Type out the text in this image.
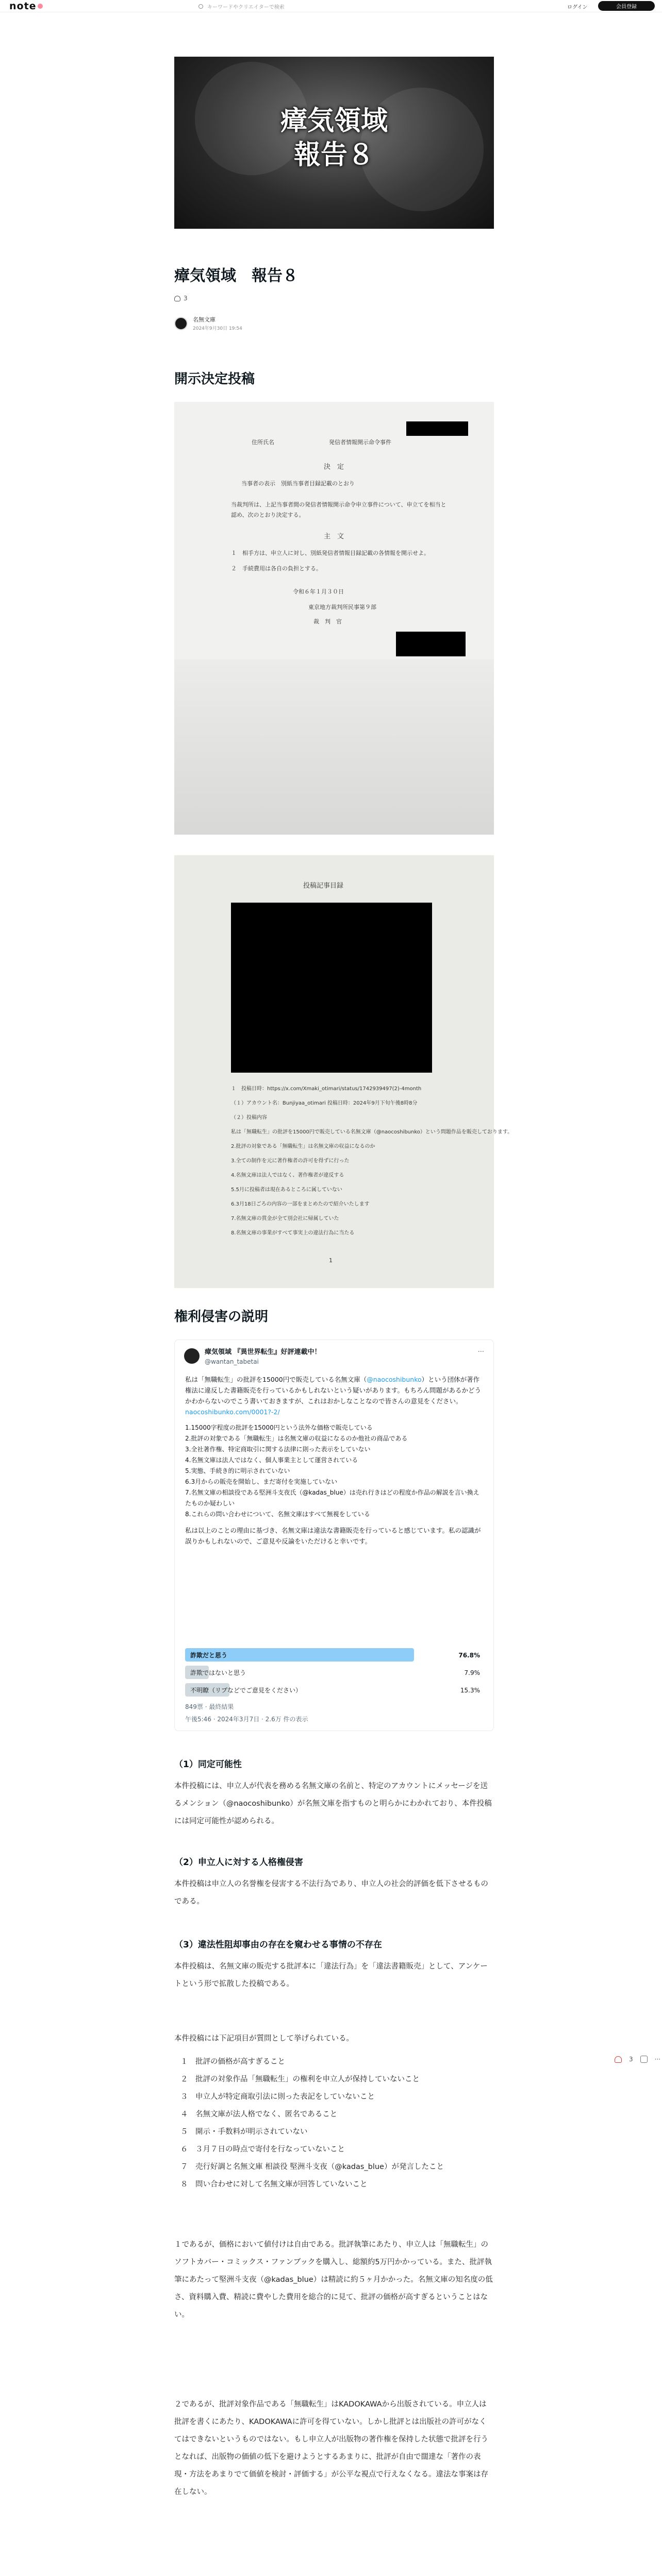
note	キーワードやクリエイターで検索	ログイン	会員登録
瘴気領域
報告８
瘴気領域　報告８
3
名無文庫
2024年9月30日 19:54
開示決定投稿
住所氏名	発信者情報開示命令事件
決　定
当事者の表示　別紙当事者目録記載のとおり
当裁判所は、上記当事者間の発信者情報開示命令申立事件について、申立てを相当と認め、次のとおり決定する。
主　文
１　相手方は、申立人に対し、別紙発信者情報目録記載の各情報を開示せよ。
２　手続費用は各自の負担とする。
令和６年１月３０日
東京地方裁判所民事第９部
裁　判　官
投稿記事目録
１　投稿日時：https://x.com/Xmaki_otimari/status/1742939497(2)-4month
（１）アカウント名：Bunjiyaa_otimari 投稿日時：2024年9月下旬午後8時8分
（２）投稿内容
私は「無職転生」の批評を15000円で販売している名無文庫（@naocoshibunko）という問題作品を販売しております。
2.批評の対象である「無職転生」は名無文庫の収益になるのか
3.全ての制作を元に著作権者の許可を得ずに行った
4.名無文庫は法人ではなく、著作権者が違反する
5.5月に投稿者は現在あるところに属していない
6.3月18日ごろの内容の一部をまとめたので紹介いたします
7.名無文庫の賞金が全て別会社に帰属していた
8.名無文庫の事業がすべて事実上の違法行為に当たる
1
権利侵害の説明
瘴気領域 『異世界転生』好評連載中！
@wantan_tabetai
···
私は「無職転生」の批評を15000円で販売している名無文庫（@naocoshibunko）という団体が著作権法に違反した書籍販売を行っているかもしれないという疑いがあります。もちろん問題があるかどうかわからないのでこう書いておきますが、これはおかしなことなので皆さんの意見をください。
naocoshibunko.com/0001?-2/
1.15000字程度の批評を15000円という法外な価格で販売している
2.批評の対象である「無職転生」は名無文庫の収益になるのか他社の商品である
3.全社著作権、特定商取引に関する法律に則った表示をしていない
4.名無文庫は法人ではなく、個人事業主として運営されている
5.実態、手続き的に明示されていない
6.3月からの販売を開始し、まだ寄付を実施していない
7.名無文庫の相談役である堅洲斗支夜氏（@kadas_blue）は売れ行きはどの程度か作品の解説を言い換えたものか疑わしい
8.これらの問い合わせについて、名無文庫はすべて無視をしている
私は以上のことの理由に基づき、名無文庫は違法な書籍販売を行っていると感じています。私の認識が誤りかもしれないので、ご意見や反論をいただけると幸いです。
詐欺だと思う	76.8%
詐欺ではないと思う	7.9%
不明瞭（リプなどでご意見をください）	15.3%
849票 · 最終結果
午後5:46 · 2024年3月7日 · 2.6万 件の表示
（1）同定可能性
本件投稿には、申立人が代表を務める名無文庫の名前と、特定のアカウントにメッセージを送るメンション（@naocoshibunko）が名無文庫を指すものと明らかにわかれており、本件投稿には同定可能性が認められる。
（2）申立人に対する人格権侵害
本件投稿は申立人の名誉権を侵害する不法行為であり、申立人の社会的評価を低下させるものである。
（3）違法性阻却事由の存在を窺わせる事情の不存在
本件投稿は、名無文庫の販売する批評本に「違法行為」を「違法書籍販売」として、アンケートという形で拡散した投稿である。
本件投稿には下記項目が質問として挙げられている。
１　批評の価格が高すぎること
２　批評の対象作品「無職転生」の権利を申立人が保持していないこと
３　申立人が特定商取引法に則った表記をしていないこと
４　名無文庫が法人格でなく、匿名であること
５　開示・手数料が明示されていない
６　３月７日の時点で寄付を行なっていないこと
７　売行好調と名無文庫 相談役 堅洲斗支夜（@kadas_blue）が発言したこと
８　問い合わせに対して名無文庫が回答していないこと
１であるが、価格において値付けは自由である。批評執筆にあたり、申立人は「無職転生」のソフトカバー・コミックス・ファンブックを購入し、総額約5万円かかっている。また、批評執筆にあたって堅洲斗支夜（@kadas_blue）は精読に約５ヶ月かかった。名無文庫の知名度の低さ、資料購入費、精読に費やした費用を総合的に見て、批評の価格が高すぎるということはない。
２であるが、批評対象作品である「無職転生」はKADOKAWAから出版されている。申立人は批評を書くにあたり、KADOKAWAに許可を得ていない。しかし批評とは出版社の許可がなくてはできないというものではない。もし申立人が出版物の著作権を保持した状態で批評を行うとなれば、出版物の価値の低下を避けようとするあまりに、批評が自由で闊達な「著作の表現・方法をあまりでて価値を検討・評価する」が公平な視点で行えなくなる。違法な事案は存在しない。
3	···
